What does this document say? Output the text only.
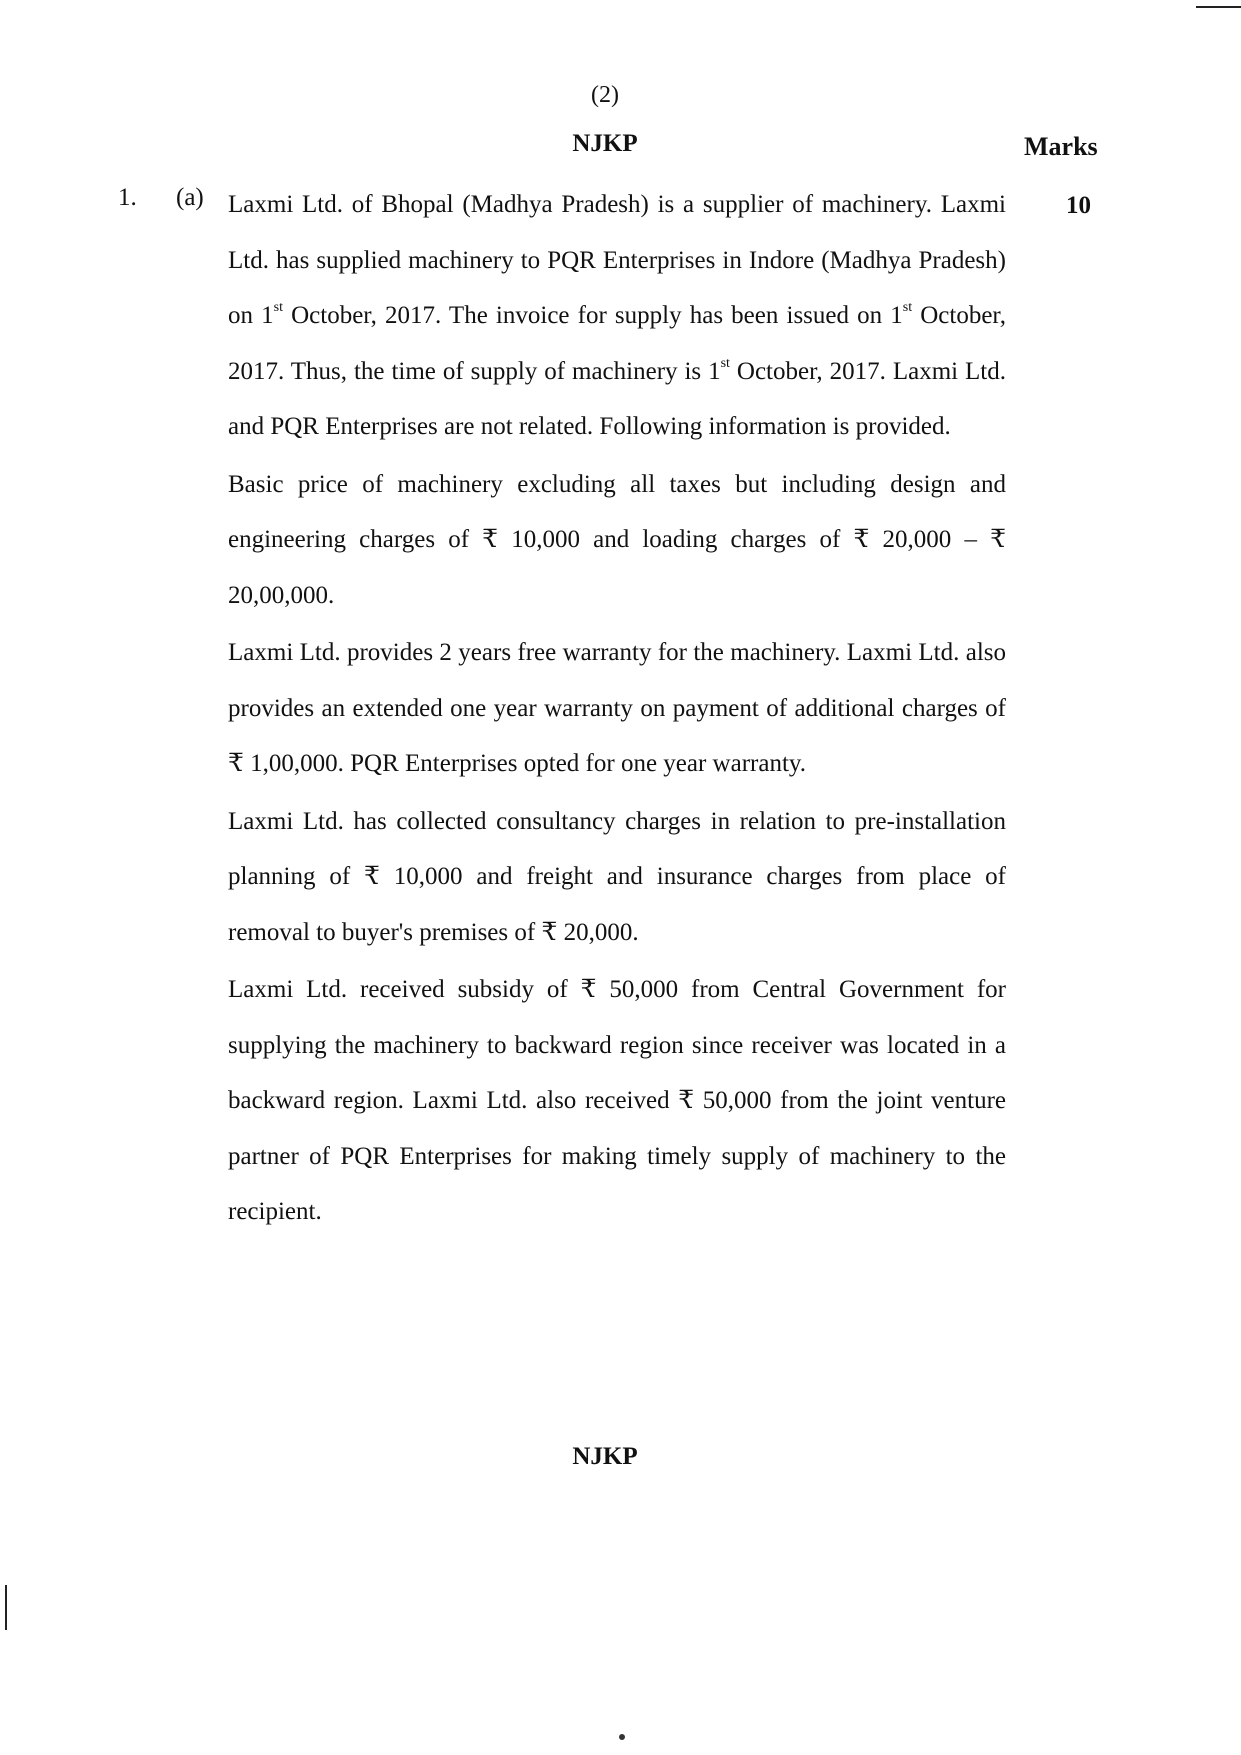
(2)
NJKP	Marks
1. (a)	10

Laxmi Ltd. of Bhopal (Madhya Pradesh) is a supplier of machinery. Laxmi Ltd. has supplied machinery to PQR Enterprises in Indore (Madhya Pradesh) on 1st October, 2017. The invoice for supply has been issued on 1st October, 2017. Thus, the time of supply of machinery is 1st October, 2017. Laxmi Ltd. and PQR Enterprises are not related. Following information is provided.

Basic price of machinery excluding all taxes but including design and engineering charges of ₹ 10,000 and loading charges of ₹ 20,000 – ₹ 20,00,000.

Laxmi Ltd. provides 2 years free warranty for the machinery. Laxmi Ltd. also provides an extended one year warranty on payment of additional charges of ₹ 1,00,000. PQR Enterprises opted for one year warranty.

Laxmi Ltd. has collected consultancy charges in relation to pre-installation planning of ₹ 10,000 and freight and insurance charges from place of removal to buyer's premises of ₹ 20,000.

Laxmi Ltd. received subsidy of ₹ 50,000 from Central Government for supplying the machinery to backward region since receiver was located in a backward region. Laxmi Ltd. also received ₹ 50,000 from the joint venture partner of PQR Enterprises for making timely supply of machinery to the recipient.

NJKP
